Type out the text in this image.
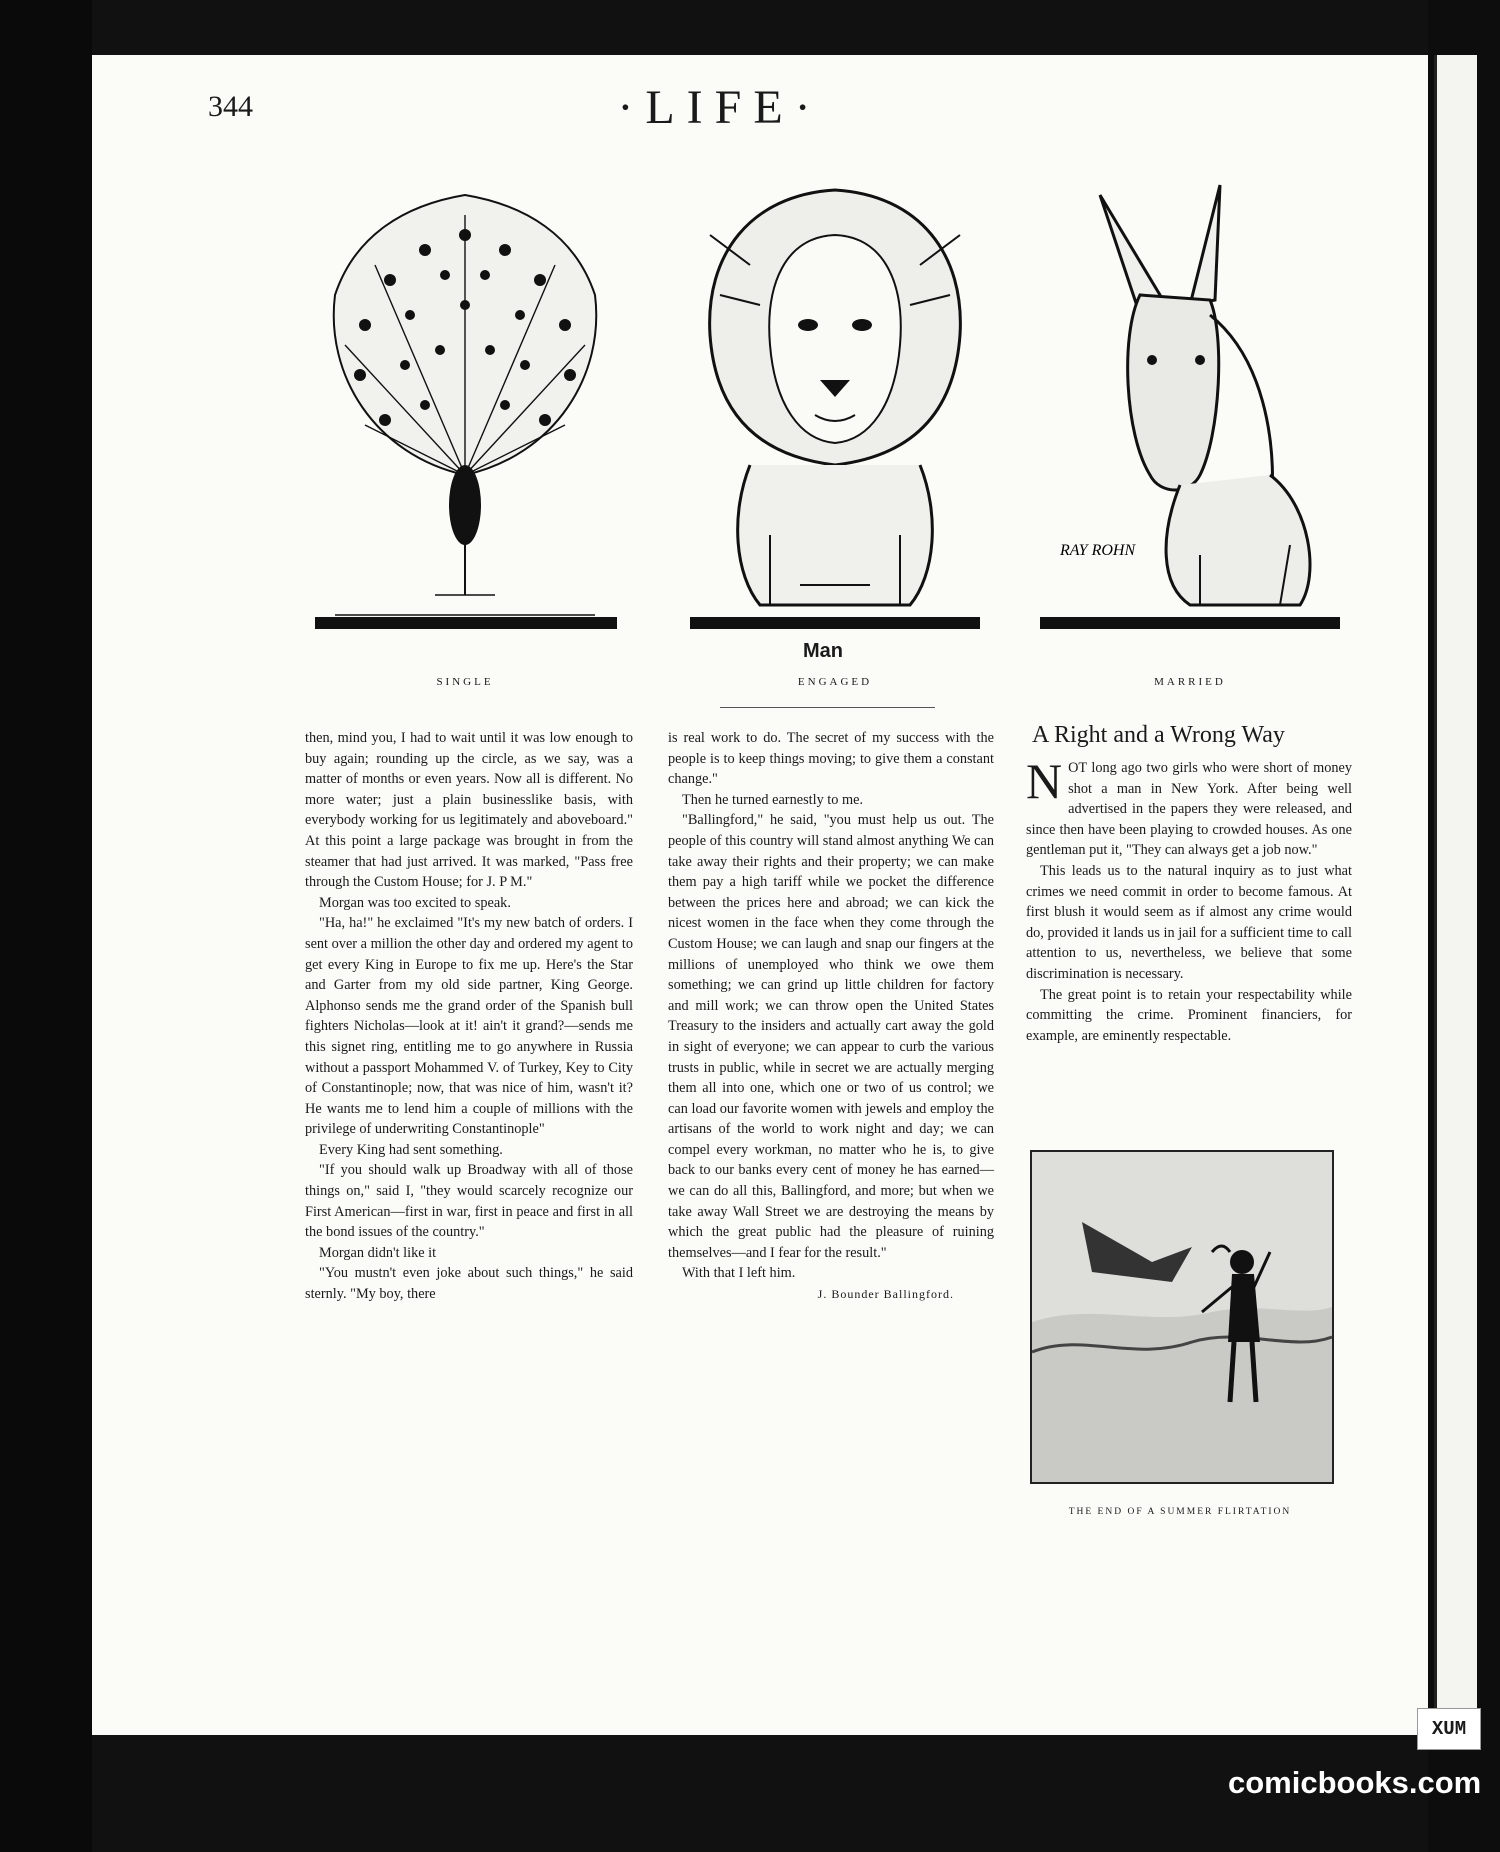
344	·LIFE·
RAY ROHN
Man
SINGLE	ENGAGED	MARRIED

then, mind you, I had to wait until it was low enough to buy again; rounding up the circle, as we say, was a matter of months or even years. Now all is different. No more water; just a plain businesslike basis, with everybody working for us legitimately and aboveboard." At this point a large package was brought in from the steamer that had just arrived. It was marked, "Pass free through the Custom House; for J. P M."

Morgan was too excited to speak.

"Ha, ha!" he exclaimed "It's my new batch of orders. I sent over a million the other day and ordered my agent to get every King in Europe to fix me up. Here's the Star and Garter from my old side partner, King George. Alphonso sends me the grand order of the Spanish bull fighters Nicholas—look at it! ain't it grand?—sends me this signet ring, entitling me to go anywhere in Russia without a passport Mohammed V. of Turkey, Key to City of Constantinople; now, that was nice of him, wasn't it? He wants me to lend him a couple of millions with the privilege of underwriting Constantinople"

Every King had sent something.

"If you should walk up Broadway with all of those things on," said I, "they would scarcely recognize our First American—first in war, first in peace and first in all the bond issues of the country."

Morgan didn't like it

"You mustn't even joke about such things," he said sternly. "My boy, there

is real work to do. The secret of my success with the people is to keep things moving; to give them a constant change."

Then he turned earnestly to me.

"Ballingford," he said, "you must help us out. The people of this country will stand almost anything We can take away their rights and their property; we can make them pay a high tariff while we pocket the difference between the prices here and abroad; we can kick the nicest women in the face when they come through the Custom House; we can laugh and snap our fingers at the millions of unemployed who think we owe them something; we can grind up little children for factory and mill work; we can throw open the United States Treasury to the insiders and actually cart away the gold in sight of everyone; we can appear to curb the various trusts in public, while in secret we are actually merging them all into one, which one or two of us control; we can load our favorite women with jewels and employ the artisans of the world to work night and day; we can compel every workman, no matter who he is, to give back to our banks every cent of money he has earned—we can do all this, Ballingford, and more; but when we take away Wall Street we are destroying the means by which the great public had the pleasure of ruining themselves—and I fear for the result."

With that I left him.

J. Bounder Ballingford.

A Right and a Wrong Way

NOT long ago two girls who were short of money shot a man in New York. After being well advertised in the papers they were released, and since then have been playing to crowded houses. As one gentleman put it, "They can always get a job now."

This leads us to the natural inquiry as to just what crimes we need commit in order to become famous. At first blush it would seem as if almost any crime would do, provided it lands us in jail for a sufficient time to call attention to us, nevertheless, we believe that some discrimination is necessary.

The great point is to retain your respectability while committing the crime. Prominent financiers, for example, are eminently respectable.

THE END OF A SUMMER FLIRTATION
XUM
comicbooks.com
